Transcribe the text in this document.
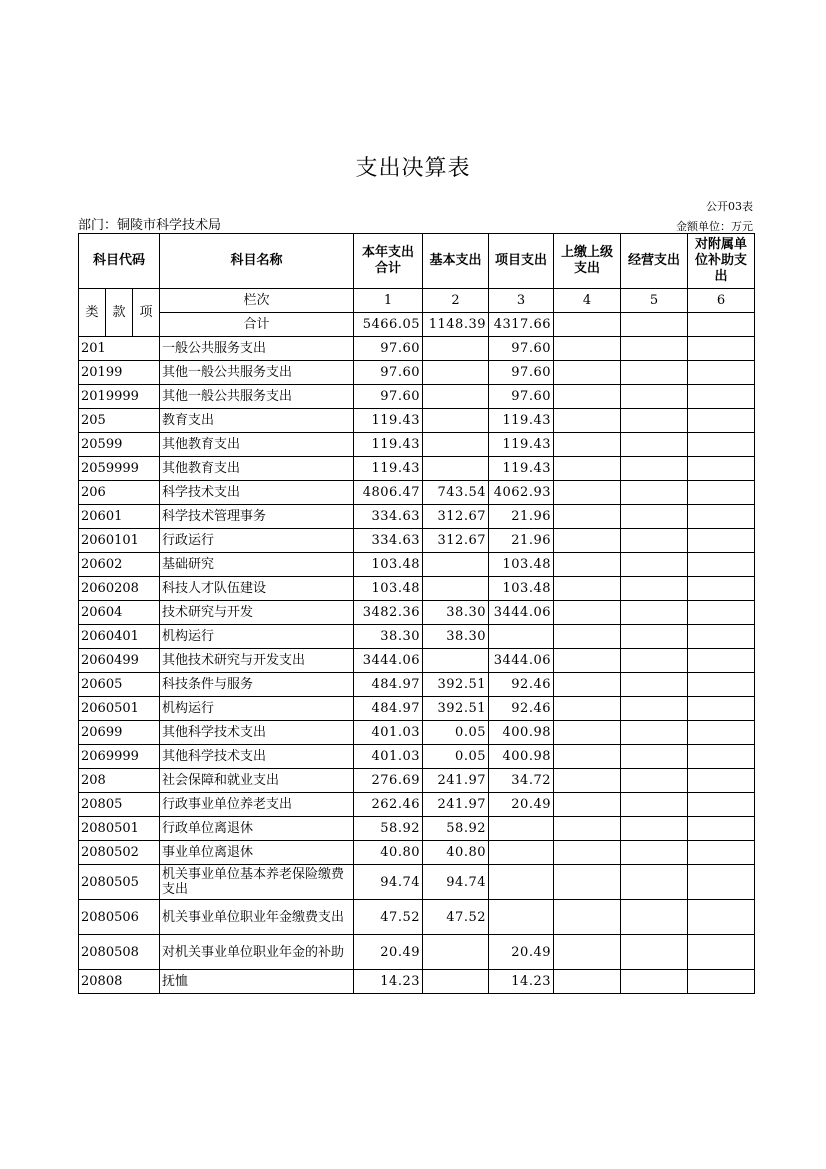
支出决算表
公开03表
部门：铜陵市科学技术局	金额单位：万元
科目代码			科目名称	本年支出合计	基本支出	项目支出	上缴上级支出	经营支出	对附属单位补助支出
类	款	项	栏次	1	2	3	4	5	6
			合计	5466.05	1148.39	4317.66			
201			一般公共服务支出	97.60		97.60			
20199			其他一般公共服务支出	97.60		97.60			
2019999			其他一般公共服务支出	97.60		97.60			
205			教育支出	119.43		119.43			
20599			其他教育支出	119.43		119.43			
2059999			其他教育支出	119.43		119.43			
206			科学技术支出	4806.47	743.54	4062.93			
20601			科学技术管理事务	334.63	312.67	21.96			
2060101			行政运行	334.63	312.67	21.96			
20602			基础研究	103.48		103.48			
2060208			科技人才队伍建设	103.48		103.48			
20604			技术研究与开发	3482.36	38.30	3444.06			
2060401			机构运行	38.30	38.30				
2060499			其他技术研究与开发支出	3444.06		3444.06			
20605			科技条件与服务	484.97	392.51	92.46			
2060501			机构运行	484.97	392.51	92.46			
20699			其他科学技术支出	401.03	0.05	400.98			
2069999			其他科学技术支出	401.03	0.05	400.98			
208			社会保障和就业支出	276.69	241.97	34.72			
20805			行政事业单位养老支出	262.46	241.97	20.49			
2080501			行政单位离退休	58.92	58.92				
2080502			事业单位离退休	40.80	40.80				
2080505			机关事业单位基本养老保险缴费支出	94.74	94.74				
2080506			机关事业单位职业年金缴费支出	47.52	47.52				
2080508			对机关事业单位职业年金的补助	20.49		20.49			
20808			抚恤	14.23		14.23			
